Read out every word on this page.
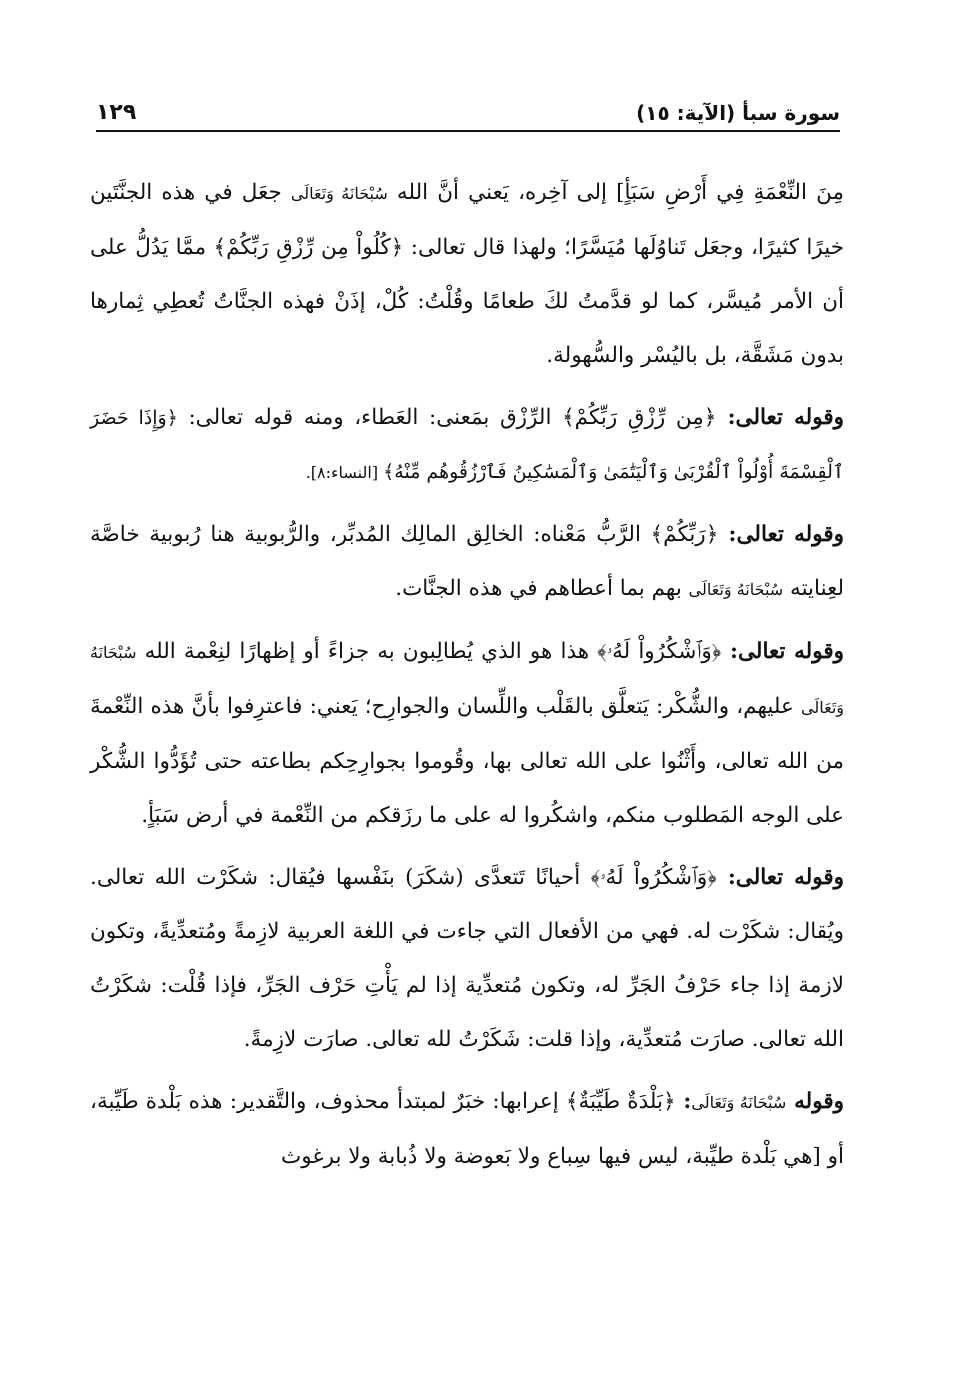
سورة سبأ (الآية: ١٥)
١٢٩

مِنَ النِّعْمَةِ فِي أَرْضِ سَبَأٍ] إلى آخِره، يَعني أنَّ الله سُبْحَانَهُ وَتَعَالَى جعَل في هذه الجنَّتَين خيرًا كثيرًا، وجعَل تَناوُلَها مُيَسَّرًا؛ ولهذا قال تعالى: ﴿كُلُواْ مِن رِّزْقِ رَبِّكُمْ﴾ ممَّا يَدُلُّ على أن الأمر مُيسَّر، كما لو قدَّمتُ لكَ طعامًا وقُلْتُ: كُلْ، إذَنْ فهذه الجنَّاتُ تُعطِي ثِمارها بدون مَشَقَّة، بل باليُسْر والسُّهولة.

وقوله تعالى: ﴿مِن رِّزْقِ رَبِّكُمْ﴾ الرِّزْق بمَعنى: العَطاء، ومنه قوله تعالى: ﴿وَإِذَا حَضَرَ ٱلْقِسْمَةَ أُوْلُواْ ٱلْقُرْبَىٰ وَٱلْيَتَٰمَىٰ وَٱلْمَسَٰكِينُ فَٱرْزُقُوهُم مِّنْهُ﴾ [النساء:٨].

وقوله تعالى: ﴿رَبِّكُمْ﴾ الرَّبُّ مَعْناه: الخالِق المالِك المُدبِّر، والرُّبوبية هنا رُبوبية خاصَّة لعِنايته سُبْحَانَهُ وَتَعَالَى بهم بما أعطاهم في هذه الجنَّات.

وقوله تعالى: ﴿وَٱشْكُرُواْ لَهُۥ﴾ هذا هو الذي يُطالِبون به جزاءً أو إظهارًا لنِعْمة الله سُبْحَانَهُ وَتَعَالَى عليهم، والشُّكْر: يَتعلَّق بالقَلْب واللِّسان والجوارِح؛ يَعني: فاعترِفوا بأنَّ هذه النِّعْمةَ من الله تعالى، وأَثْنُوا على الله تعالى بها، وقُوموا بجوارِحِكم بطاعته حتى تُؤَدُّوا الشُّكْر على الوجه المَطلوب منكم، واشكُروا له على ما رزَقكم من النِّعْمة في أرض سَبَأٍ.

وقوله تعالى: ﴿وَٱشْكُرُواْ لَهُۥ﴾ أحيانًا تَتعدَّى (شكَرَ) بنَفْسها فيُقال: شكَرْت الله تعالى. ويُقال: شكَرْت له. فهي من الأفعال التي جاءت في اللغة العربية لازِمةً ومُتعدِّيةً، وتكون لازمة إذا جاء حَرْفُ الجَرِّ له، وتكون مُتعدِّية إذا لم يَأْتِ حَرْف الجَرِّ، فإذا قُلْت: شكَرْتُ الله تعالى. صارَت مُتعدِّية، وإذا قلت: شَكَرْتُ لله تعالى. صارَت لازِمةً.

وقوله سُبْحَانَهُ وَتَعَالَى: ﴿بَلْدَةٌ طَيِّبَةٌ﴾ إعرابها: خبَرٌ لمبتدأ محذوف، والتَّقدير: هذه بَلْدة طَيِّبة، أو [هي بَلْدة طيِّبة، ليس فيها سِباع ولا بَعوضة ولا ذُبابة ولا برغوث
